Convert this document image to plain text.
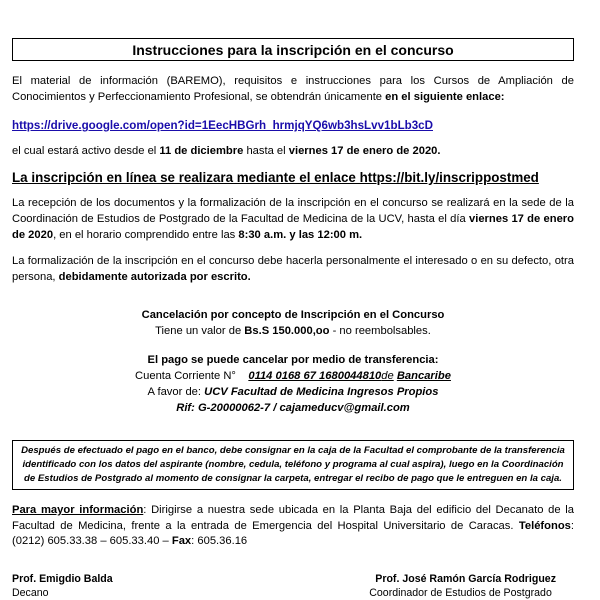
Instrucciones para la inscripción en el concurso

El material de información (BAREMO), requisitos e instrucciones para los Cursos de Ampliación de Conocimientos y Perfeccionamiento Profesional, se obtendrán únicamente en el siguiente enlace:

https://drive.google.com/open?id=1EecHBGrh_hrmjqYQ6wb3hsLvv1bLb3cD

el cual estará activo desde el 11 de diciembre hasta el viernes 17 de enero de 2020.

La inscripción en línea se realizara mediante el enlace https://bit.ly/inscrippostmed

La recepción de los documentos y la formalización de la inscripción en el concurso se realizará en la sede de la Coordinación de Estudios de Postgrado de la Facultad de Medicina de la UCV, hasta el día viernes 17 de enero de 2020, en el horario comprendido entre las 8:30 a.m. y las 12:00 m.

La formalización de la inscripción en el concurso debe hacerla personalmente el interesado o en su defecto, otra persona, debidamente autorizada por escrito.

Cancelación por concepto de Inscripción en el Concurso

Tiene un valor de Bs.S 150.000,oo - no reembolsables.

El pago se puede cancelar por medio de transferencia:

Cuenta Corriente N° 0114 0168 67 1680044810de Bancaribe

A favor de: UCV Facultad de Medicina Ingresos Propios

Rif: G-20000062-7 / cajameducv@gmail.com

Después de efectuado el pago en el banco, debe consignar en la caja de la Facultad el comprobante de la transferencia identificado con los datos del aspirante (nombre, cedula, teléfono y programa al cual aspira), luego en la Coordinación de Estudios de Postgrado al momento de consignar la carpeta, entregar el recibo de pago que le entreguen en la caja.

Para mayor información: Dirigirse a nuestra sede ubicada en la Planta Baja del edificio del Decanato de la Facultad de Medicina, frente a la entrada de Emergencia del Hospital Universitario de Caracas. Teléfonos: (0212) 605.33.38 – 605.33.40 – Fax: 605.36.16

Prof. Emigdio Balda
Decano
Prof. José Ramón García Rodriguez
Coordinador de Estudios de Postgrado
